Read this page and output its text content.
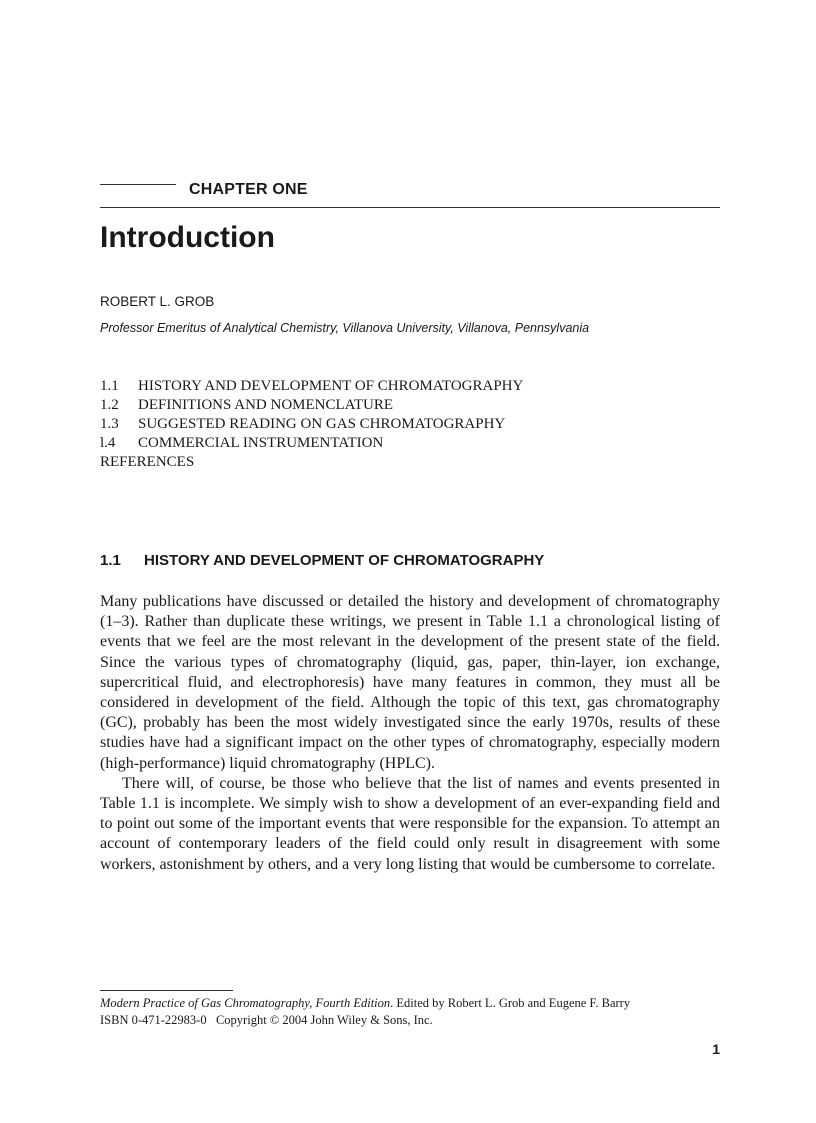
CHAPTER ONE
Introduction
ROBERT L. GROB
Professor Emeritus of Analytical Chemistry, Villanova University, Villanova, Pennsylvania
1.1 HISTORY AND DEVELOPMENT OF CHROMATOGRAPHY
1.2 DEFINITIONS AND NOMENCLATURE
1.3 SUGGESTED READING ON GAS CHROMATOGRAPHY
l.4 COMMERCIAL INSTRUMENTATION
REFERENCES
1.1 HISTORY AND DEVELOPMENT OF CHROMATOGRAPHY

Many publications have discussed or detailed the history and development of chromatography (1–3). Rather than duplicate these writings, we present in Table 1.1 a chronological listing of events that we feel are the most relevant in the development of the present state of the field. Since the various types of chromatography (liquid, gas, paper, thin-layer, ion exchange, supercritical fluid, and electrophoresis) have many features in common, they must all be considered in development of the field. Although the topic of this text, gas chromatography (GC), probably has been the most widely investigated since the early 1970s, results of these studies have had a significant impact on the other types of chromatography, especially modern (high-performance) liquid chromatography (HPLC).

There will, of course, be those who believe that the list of names and events presented in Table 1.1 is incomplete. We simply wish to show a development of an ever-expanding field and to point out some of the important events that were responsible for the expansion. To attempt an account of contemporary leaders of the field could only result in disagreement with some workers, astonishment by others, and a very long listing that would be cumbersome to correlate.

Modern Practice of Gas Chromatography, Fourth Edition. Edited by Robert L. Grob and Eugene F. Barry
ISBN 0-471-22983-0   Copyright © 2004 John Wiley & Sons, Inc.
1
